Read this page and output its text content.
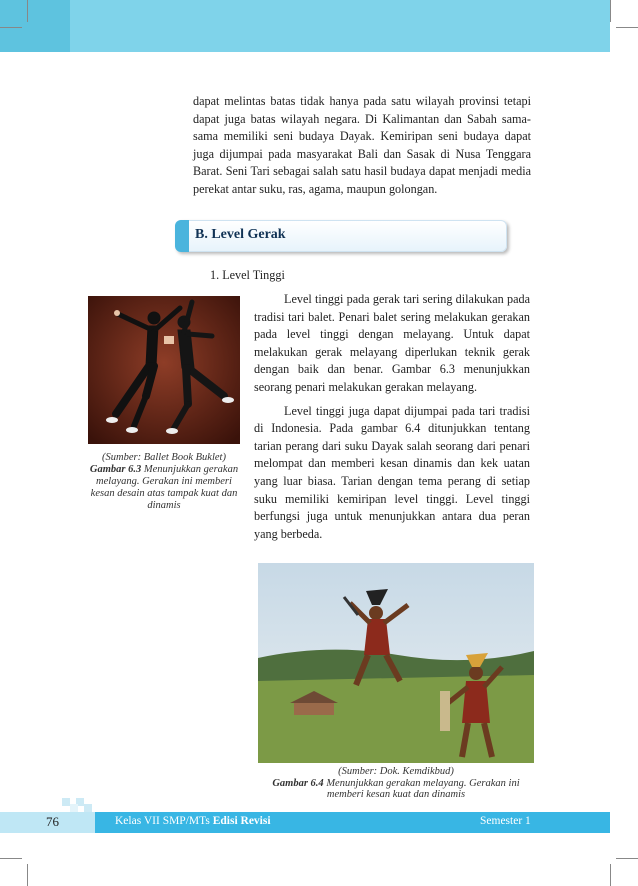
dapat melintas batas tidak hanya pada satu wilayah provinsi tetapi dapat juga batas wilayah negara. Di Kalimantan dan Sabah sama-sama memiliki seni budaya Dayak. Kemiripan seni budaya dapat juga dijumpai pada masyarakat Bali dan Sasak di Nusa Tenggara Barat. Seni Tari sebagai salah satu hasil budaya dapat menjadi media perekat antar suku, ras, agama, maupun golongan.
B. Level Gerak
1. Level Tinggi

Level tinggi pada gerak tari sering dilakukan pada tradisi tari balet. Penari balet sering melakukan gerakan pada level tinggi dengan melayang. Untuk dapat melakukan gerak melayang diperlukan teknik gerak dengan baik dan benar. Gambar 6.3 menunjukkan seorang penari melakukan gerakan melayang.

Level tinggi juga dapat dijumpai pada tari tradisi di Indonesia. Pada gambar 6.4 ditunjukkan tentang tarian perang dari suku Dayak salah seorang dari penari melompat dan memberi kesan dinamis dan kek uatan yang luar biasa. Tarian dengan tema perang di setiap suku memiliki kemiripan level tinggi. Level tinggi berfungsi juga untuk menunjukkan antara dua peran yang berbeda.

(Sumber: Ballet Book Buklet)
Gambar 6.3 Menunjukkan gerakan melayang. Gerakan ini memberi kesan desain atas tampak kuat dan dinamis
(Sumber: Dok. Kemdikbud)
Gambar 6.4 Menunjukkan gerakan melayang. Gerakan ini memberi kesan kuat dan dinamis
76	Kelas VII SMP/MTs Edisi Revisi	Semester 1
